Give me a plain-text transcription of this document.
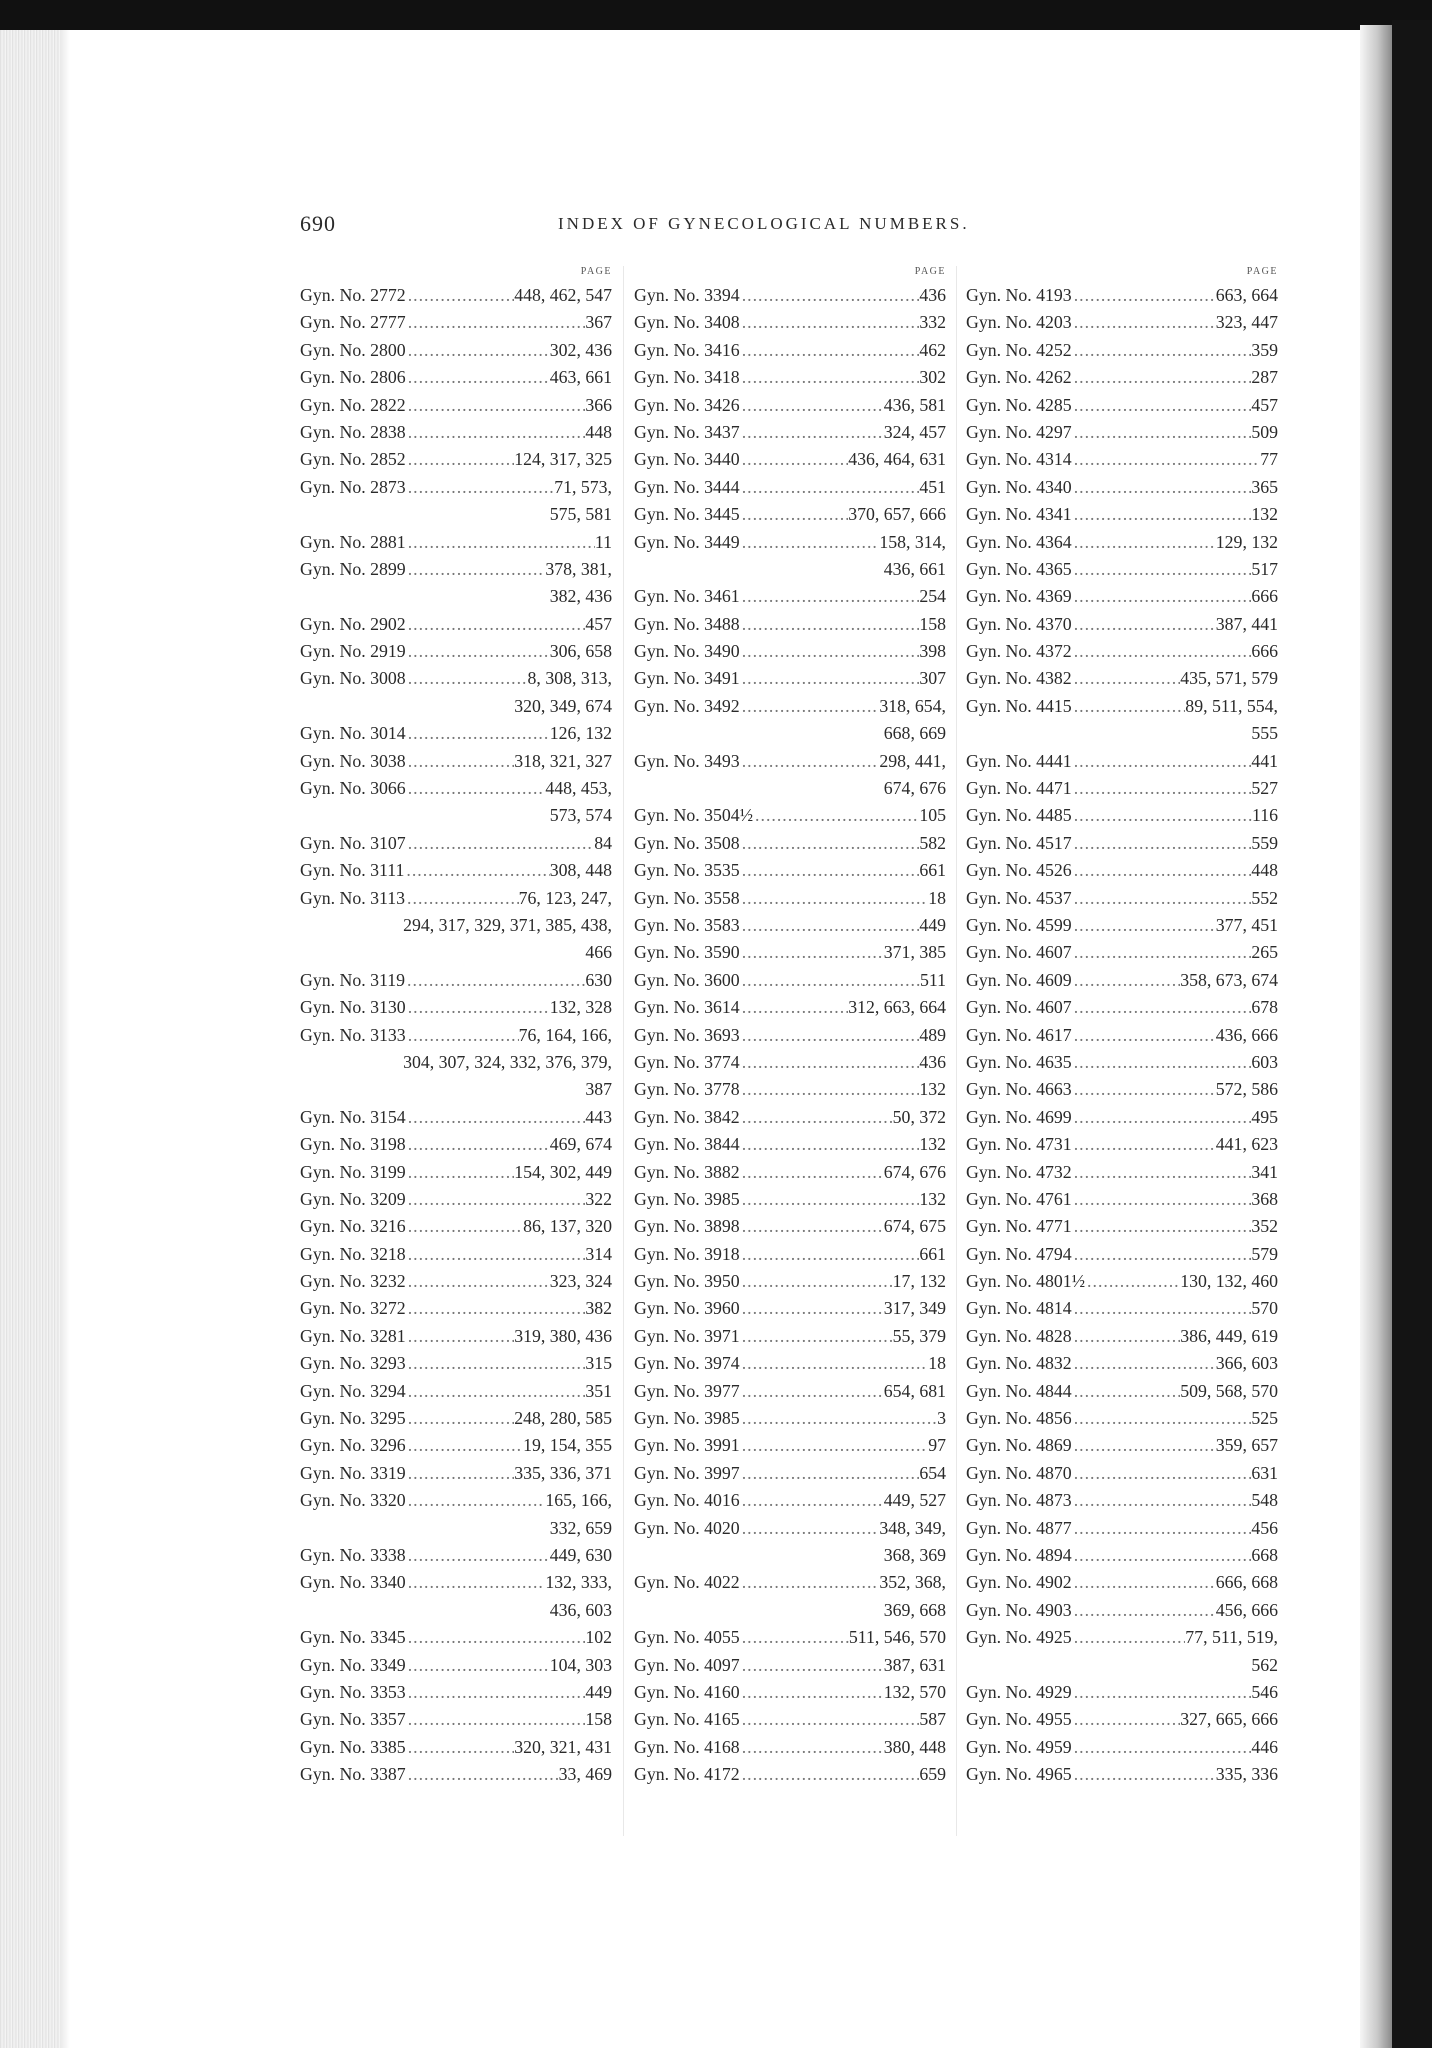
690	INDEX OF GYNECOLOGICAL NUMBERS.
PAGE
Gyn. No. 2772 .....	448, 462, 547
Gyn. No. 2777 .....	367
Gyn. No. 2800 .....	302, 436
Gyn. No. 2806 .....	463, 661
Gyn. No. 2822 .....	366
Gyn. No. 2838 .....	448
Gyn. No. 2852 .....	124, 317, 325
Gyn. No. 2873 .....	71, 573,
575, 581
Gyn. No. 2881 .....	11
Gyn. No. 2899 .....	378, 381,
382, 436
Gyn. No. 2902 .....	457
Gyn. No. 2919 .....	306, 658
Gyn. No. 3008 .....	8, 308, 313,
320, 349, 674
Gyn. No. 3014 .....	126, 132
Gyn. No. 3038 .....	318, 321, 327
Gyn. No. 3066 .....	448, 453,
573, 574
Gyn. No. 3107 .....	84
Gyn. No. 3111 .....	308, 448
Gyn. No. 3113 .....	76, 123, 247,
294, 317, 329, 371, 385, 438,
466
Gyn. No. 3119 .....	630
Gyn. No. 3130 .....	132, 328
Gyn. No. 3133 .....	76, 164, 166,
304, 307, 324, 332, 376, 379,
387
Gyn. No. 3154 .....	443
Gyn. No. 3198 .....	469, 674
Gyn. No. 3199 .....	154, 302, 449
Gyn. No. 3209 .....	322
Gyn. No. 3216 .....	86, 137, 320
Gyn. No. 3218 .....	314
Gyn. No. 3232 .....	323, 324
Gyn. No. 3272 .....	382
Gyn. No. 3281 .....	319, 380, 436
Gyn. No. 3293 .....	315
Gyn. No. 3294 .....	351
Gyn. No. 3295 .....	248, 280, 585
Gyn. No. 3296 .....	19, 154, 355
Gyn. No. 3319 .....	335, 336, 371
Gyn. No. 3320 .....	165, 166,
332, 659
Gyn. No. 3338 .....	449, 630
Gyn. No. 3340 .....	132, 333,
436, 603
Gyn. No. 3345 .....	102
Gyn. No. 3349 .....	104, 303
Gyn. No. 3353 .....	449
Gyn. No. 3357 .....	158
Gyn. No. 3385 .....	320, 321, 431
Gyn. No. 3387 .....	33, 469
PAGE
Gyn. No. 3394 .....	436
Gyn. No. 3408 .....	332
Gyn. No. 3416 .....	462
Gyn. No. 3418 .....	302
Gyn. No. 3426 .....	436, 581
Gyn. No. 3437 .....	324, 457
Gyn. No. 3440 .....	436, 464, 631
Gyn. No. 3444 .....	451
Gyn. No. 3445 .....	370, 657, 666
Gyn. No. 3449 .....	158, 314,
436, 661
Gyn. No. 3461 .....	254
Gyn. No. 3488 .....	158
Gyn. No. 3490 .....	398
Gyn. No. 3491 .....	307
Gyn. No. 3492 .....	318, 654,
668, 669
Gyn. No. 3493 .....	298, 441,
674, 676
Gyn. No. 3504½ .....	105
Gyn. No. 3508 .....	582
Gyn. No. 3535 .....	661
Gyn. No. 3558 .....	18
Gyn. No. 3583 .....	449
Gyn. No. 3590 .....	371, 385
Gyn. No. 3600 .....	511
Gyn. No. 3614 .....	312, 663, 664
Gyn. No. 3693 .....	489
Gyn. No. 3774 .....	436
Gyn. No. 3778 .....	132
Gyn. No. 3842 .....	50, 372
Gyn. No. 3844 .....	132
Gyn. No. 3882 .....	674, 676
Gyn. No. 3985 .....	132
Gyn. No. 3898 .....	674, 675
Gyn. No. 3918 .....	661
Gyn. No. 3950 .....	17, 132
Gyn. No. 3960 .....	317, 349
Gyn. No. 3971 .....	55, 379
Gyn. No. 3974 .....	18
Gyn. No. 3977 .....	654, 681
Gyn. No. 3985 .....	3
Gyn. No. 3991 .....	97
Gyn. No. 3997 .....	654
Gyn. No. 4016 .....	449, 527
Gyn. No. 4020 .....	348, 349,
368, 369
Gyn. No. 4022 .....	352, 368,
369, 668
Gyn. No. 4055 .....	511, 546, 570
Gyn. No. 4097 .....	387, 631
Gyn. No. 4160 .....	132, 570
Gyn. No. 4165 .....	587
Gyn. No. 4168 .....	380, 448
Gyn. No. 4172 .....	659
PAGE
Gyn. No. 4193 .....	663, 664
Gyn. No. 4203 .....	323, 447
Gyn. No. 4252 .....	359
Gyn. No. 4262 .....	287
Gyn. No. 4285 .....	457
Gyn. No. 4297 .....	509
Gyn. No. 4314 .....	77
Gyn. No. 4340 .....	365
Gyn. No. 4341 .....	132
Gyn. No. 4364 .....	129, 132
Gyn. No. 4365 .....	517
Gyn. No. 4369 .....	666
Gyn. No. 4370 .....	387, 441
Gyn. No. 4372 .....	666
Gyn. No. 4382 .....	435, 571, 579
Gyn. No. 4415 .....	89, 511, 554,
555
Gyn. No. 4441 .....	441
Gyn. No. 4471 .....	527
Gyn. No. 4485 .....	116
Gyn. No. 4517 .....	559
Gyn. No. 4526 .....	448
Gyn. No. 4537 .....	552
Gyn. No. 4599 .....	377, 451
Gyn. No. 4607 .....	265
Gyn. No. 4609 .....	358, 673, 674
Gyn. No. 4607 .....	678
Gyn. No. 4617 .....	436, 666
Gyn. No. 4635 .....	603
Gyn. No. 4663 .....	572, 586
Gyn. No. 4699 .....	495
Gyn. No. 4731 .....	441, 623
Gyn. No. 4732 .....	341
Gyn. No. 4761 .....	368
Gyn. No. 4771 .....	352
Gyn. No. 4794 .....	579
Gyn. No. 4801½ .....	130, 132, 460
Gyn. No. 4814 .....	570
Gyn. No. 4828 .....	386, 449, 619
Gyn. No. 4832 .....	366, 603
Gyn. No. 4844 .....	509, 568, 570
Gyn. No. 4856 .....	525
Gyn. No. 4869 .....	359, 657
Gyn. No. 4870 .....	631
Gyn. No. 4873 .....	548
Gyn. No. 4877 .....	456
Gyn. No. 4894 .....	668
Gyn. No. 4902 .....	666, 668
Gyn. No. 4903 .....	456, 666
Gyn. No. 4925 .....	77, 511, 519,
562
Gyn. No. 4929 .....	546
Gyn. No. 4955 .....	327, 665, 666
Gyn. No. 4959 .....	446
Gyn. No. 4965 .....	335, 336
